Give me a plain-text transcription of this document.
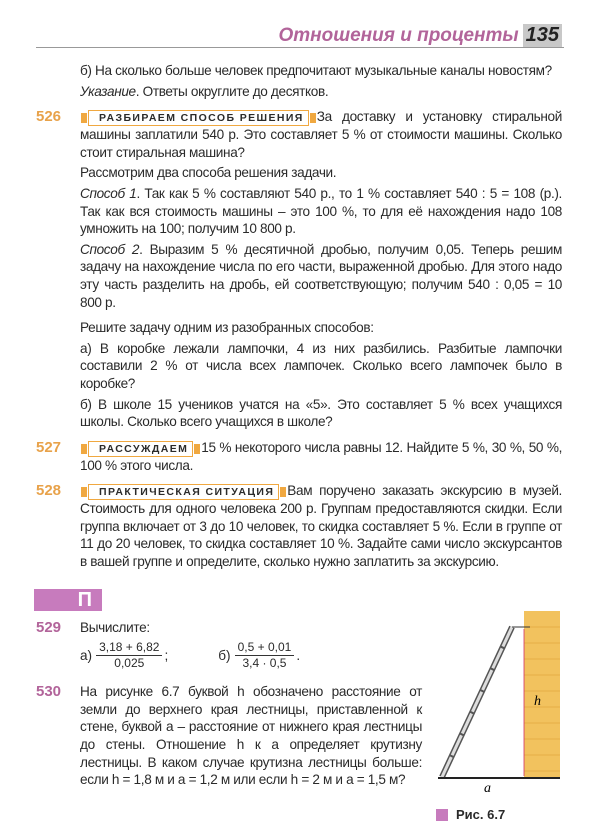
Отношения и проценты 135
б) На сколько больше человек предпочитают музыкальные каналы новостям?
Указание. Ответы округлите до десятков.
526	РАЗБИРАЕМ СПОСОБ РЕШЕНИЯ За доставку и установку стиральной машины заплатили 540 р. Это составляет 5 % от стоимости машины. Сколько стоит стиральная машина?
Рассмотрим два способа решения задачи.
Способ 1. Так как 5 % составляют 540 р., то 1 % составляет 540 : 5 = 108 (р.). Так как вся стоимость машины – это 100 %, то для её нахождения надо 108 умножить на 100; получим 10 800 р.
Способ 2. Выразим 5 % десятичной дробью, получим 0,05. Теперь решим задачу на нахождение числа по его части, выраженной дробью. Для этого надо эту часть разделить на дробь, ей соответствующую; получим 540 : 0,05 = 10 800 р.
Решите задачу одним из разобранных способов:
а) В коробке лежали лампочки, 4 из них разбились. Разбитые лампочки составили 2 % от числа всех лампочек. Сколько всего лампочек было в коробке?
б) В школе 15 учеников учатся на «5». Это составляет 5 % всех учащихся школы. Сколько всего учащихся в школе?
527	РАССУЖДАЕМ 15 % некоторого числа равны 12. Найдите 5 %, 30 %, 50 %, 100 % этого числа.
528	ПРАКТИЧЕСКАЯ СИТУАЦИЯ Вам поручено заказать экскурсию в музей. Стоимость для одного человека 200 р. Группам предоставляются скидки. Если группа включает от 3 до 10 человек, то скидка составляет 5 %. Если в группе от 11 до 20 человек, то скидка составляет 10 %. Задайте сами число экскурсантов в вашей группе и определите, сколько нужно заплатить за экскурсию.
П
529 Вычислите:
$а) \frac{3,18 + 6,82}{0,025}$ ;	$б) \frac{0,5 + 0,01}{3,4 \cdot 0,5}$ .
530 На рисунке 6.7 буквой h обозначено расстояние от земли до верхнего края лестницы, приставленной к стене, буквой a – расстояние от нижнего края лестницы до стены. Отношение h к a определяет крутизну лестницы. В каком случае крутизна лестницы больше: если h = 1,8 м и a = 1,2 м или если h = 2 м и a = 1,5 м?
h
a
Рис. 6.7
